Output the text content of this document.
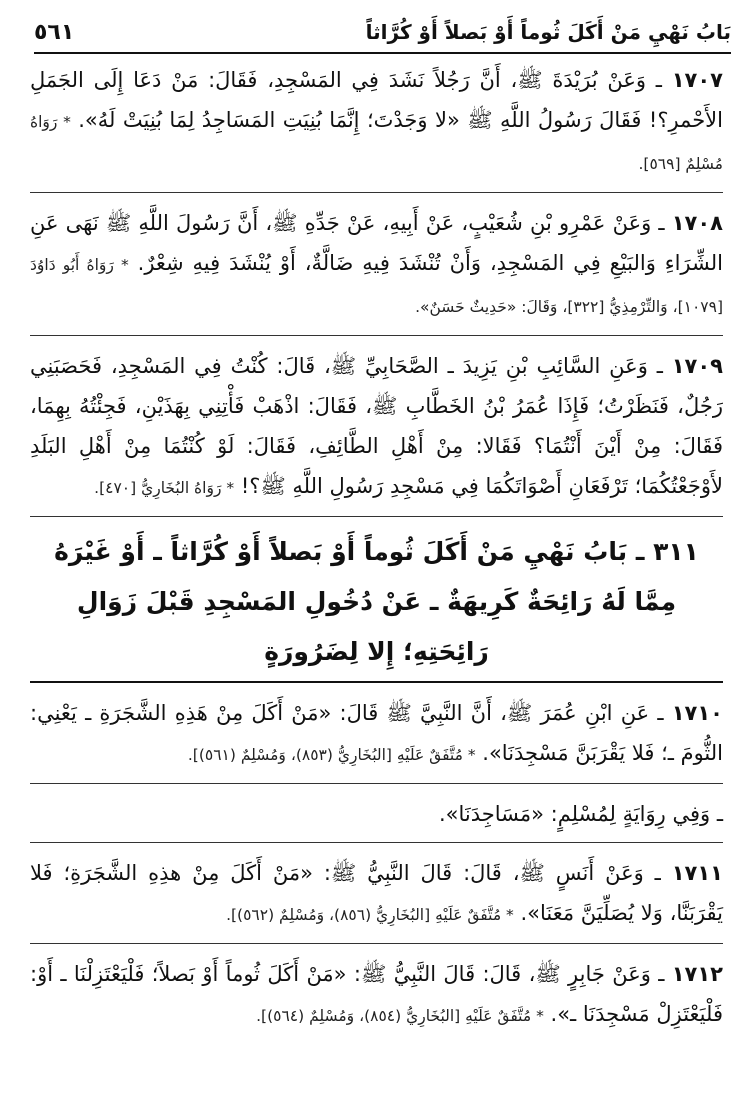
بَابُ نَهْيِ مَنْ أَكَلَ ثُوماً أَوْ بَصلاً أَوْ كُرَّاثاً
٥٦١

١٧٠٧ ـ وَعَنْ بُرَيْدَةَ ﷺ، أَنَّ رَجُلاً نَشَدَ فِي المَسْجِدِ، فَقَالَ: مَنْ دَعَا إِلَى الجَمَلِ الأَحْمرِ؟! فَقَالَ رَسُولُ اللَّهِ ﷺ «لا وَجَدْتَ؛ إِنَّمَا بُنِيَتِ المَسَاجِدُ لِمَا بُنِيَتْ لَهُ». * رَوَاهُ مُسْلِمٌ [٥٦٩].

١٧٠٨ ـ وَعَنْ عَمْرِو بْنِ شُعَيْبٍ، عَنْ أَبِيهِ، عَنْ جَدِّهِ ﷺ، أَنَّ رَسُولَ اللَّهِ ﷺ نَهَى عَنِ الشِّرَاءِ وَالبَيْعِ فِي المَسْجِدِ، وَأَنْ تُنْشَدَ فِيهِ ضَالَّةٌ، أَوْ يُنْشَدَ فِيهِ شِعْرٌ. * رَوَاهُ أَبُو دَاوُدَ [١٠٧٩]، وَالتِّرْمِذِيُّ [٣٢٢]، وَقَالَ: «حَدِيثٌ حَسَنٌ».

١٧٠٩ ـ وَعَنِ السَّائِبِ بْنِ يَزِيدَ ـ الصَّحَابِيِّ ﷺ، قَالَ: كُنْتُ فِي المَسْجِدِ، فَحَصَبَنِي رَجُلٌ، فَنَظَرْتُ؛ فَإِذَا عُمَرُ بْنُ الخَطَّابِ ﷺ، فَقَالَ: اذْهَبْ فَأْتِنِي بِهَذَيْنِ، فَجِئْتُهُ بِهِمَا، فَقَالَ: مِنْ أَيْنَ أَنْتُمَا؟ فَقَالا: مِنْ أَهْلِ الطَّائِفِ، فَقَالَ: لَوْ كُنْتُمَا مِنْ أَهْلِ البَلَدِ لأَوْجَعْتُكُمَا؛ تَرْفَعَانِ أَصْوَاتَكُمَا فِي مَسْجِدِ رَسُولِ اللَّهِ ﷺ؟! * رَوَاهُ البُخَارِيُّ [٤٧٠].

٣١١ ـ بَابُ نَهْيِ مَنْ أَكَلَ ثُوماً أَوْ بَصلاً أَوْ كُرَّاثاً ـ أَوْ غَيْرَهُ مِمَّا لَهُ رَائِحَةٌ كَرِيهَةٌ ـ عَنْ دُخُولِ المَسْجِدِ قَبْلَ زَوَالِ رَائِحَتِهِ؛ إِلا لِضَرُورَةٍ

١٧١٠ ـ عَنِ ابْنِ عُمَرَ ﷺ، أَنَّ النَّبِيَّ ﷺ قَالَ: «مَنْ أَكَلَ مِنْ هَذِهِ الشَّجَرَةِ ـ يَعْنِي: الثُّومَ ـ؛ فَلا يَقْرَبَنَّ مَسْجِدَنَا». * مُتَّفَقٌ عَلَيْهِ [البُخَارِيُّ (٨٥٣)، وَمُسْلِمٌ (٥٦١)].

ـ وَفِي رِوَايَةٍ لِمُسْلِمٍ: «مَسَاجِدَنَا».

١٧١١ ـ وَعَنْ أَنَسٍ ﷺ، قَالَ: قَالَ النَّبِيُّ ﷺ: «مَنْ أَكَلَ مِنْ هذِهِ الشَّجَرَةِ؛ فَلا يَقْرَبَنَّا، وَلا يُصَلِّيَنَّ مَعَنَا». * مُتَّفَقٌ عَلَيْهِ [البُخَارِيُّ (٨٥٦)، وَمُسْلِمٌ (٥٦٢)].

١٧١٢ ـ وَعَنْ جَابِرٍ ﷺ، قَالَ: قَالَ النَّبِيُّ ﷺ: «مَنْ أَكَلَ ثُوماً أَوْ بَصلاً؛ فَلْيَعْتَزِلْنَا ـ أَوْ: فَلْيَعْتَزِلْ مَسْجِدَنَا ـ». * مُتَّفَقٌ عَلَيْهِ [البُخَارِيُّ (٨٥٤)، وَمُسْلِمٌ (٥٦٤)].
